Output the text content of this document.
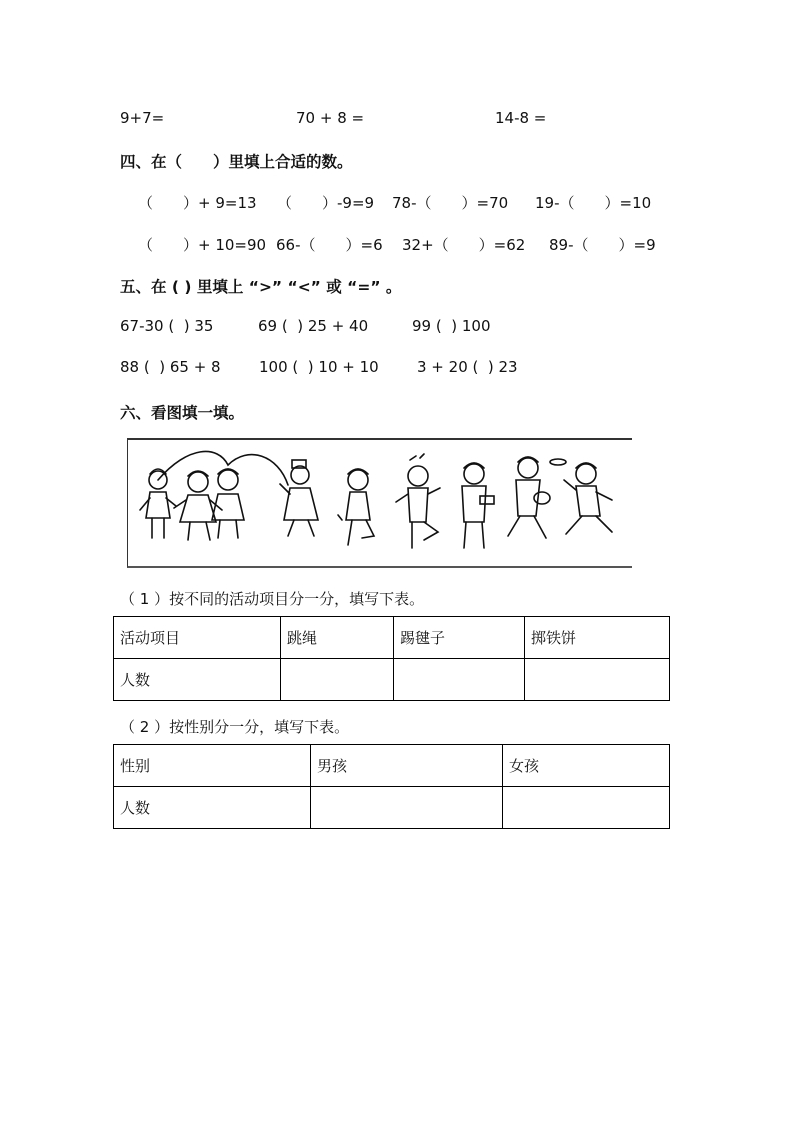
9+7=	70 + 8 =	14-8 =
四、在（　　）里填上合适的数。
（　　）+ 9=13 （　　）-9=9 78-（　　）=70 19-（　　）=10
（　　）+ 10=90 66-（　　）=6 32+（　　）=62 89-（　　）=9
五、在 ( ) 里填上 “>” “<” 或 “=” 。
67-30 (  ) 35	69 (  ) 25 + 40	99 (  ) 100
88 (  ) 65 + 8	100 (  ) 10 + 10	3 + 20 (  ) 23
六、看图填一填。
（ 1 ）按不同的活动项目分一分，填写下表。
活动项目	跳绳	踢毽子	掷铁饼
人数			
（ 2 ）按性别分一分，填写下表。
性别	男孩	女孩
人数		
